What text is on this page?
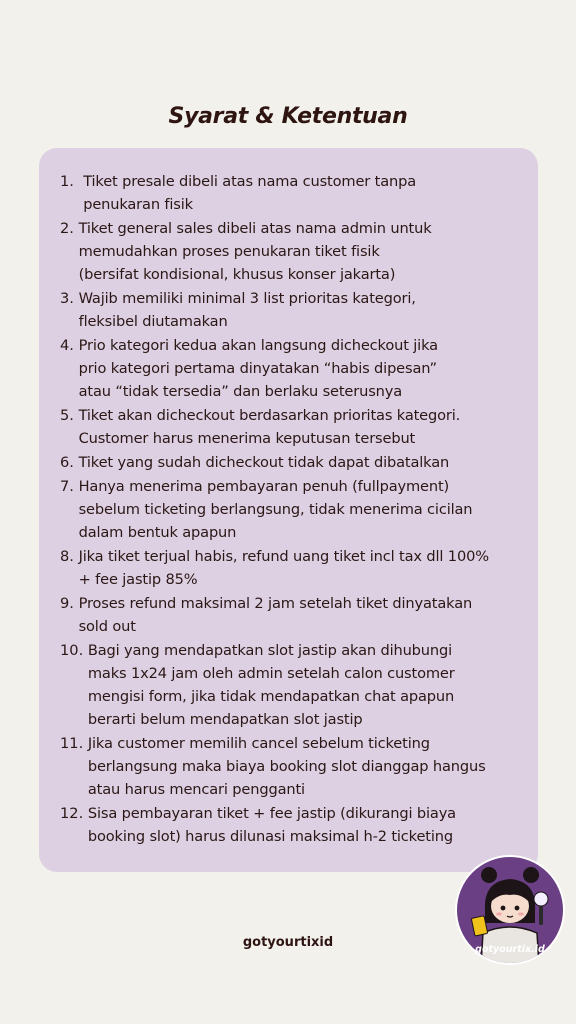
Syarat & Ketentuan
1. Tiket presale dibeli atas nama customer tanpa
penukaran fisik
2. Tiket general sales dibeli atas nama admin untuk
memudahkan proses penukaran tiket fisik
(bersifat kondisional, khusus konser jakarta)
3. Wajib memiliki minimal 3 list prioritas kategori,
fleksibel diutamakan
4. Prio kategori kedua akan langsung dicheckout jika
prio kategori pertama dinyatakan “habis dipesan”
atau “tidak tersedia” dan berlaku seterusnya
5. Tiket akan dicheckout berdasarkan prioritas kategori.
Customer harus menerima keputusan tersebut
6. Tiket yang sudah dicheckout tidak dapat dibatalkan
7. Hanya menerima pembayaran penuh (fullpayment)
sebelum ticketing berlangsung, tidak menerima cicilan
dalam bentuk apapun
8. Jika tiket terjual habis, refund uang tiket incl tax dll 100%
+ fee jastip 85%
9. Proses refund maksimal 2 jam setelah tiket dinyatakan
sold out
10. Bagi yang mendapatkan slot jastip akan dihubungi
maks 1x24 jam oleh admin setelah calon customer
mengisi form, jika tidak mendapatkan chat apapun
berarti belum mendapatkan slot jastip
11. Jika customer memilih cancel sebelum ticketing
berlangsung maka biaya booking slot dianggap hangus
atau harus mencari pengganti
12. Sisa pembayaran tiket + fee jastip (dikurangi biaya
booking slot) harus dilunasi maksimal h-2 ticketing
gotyourtixid	gotyourtix.id
